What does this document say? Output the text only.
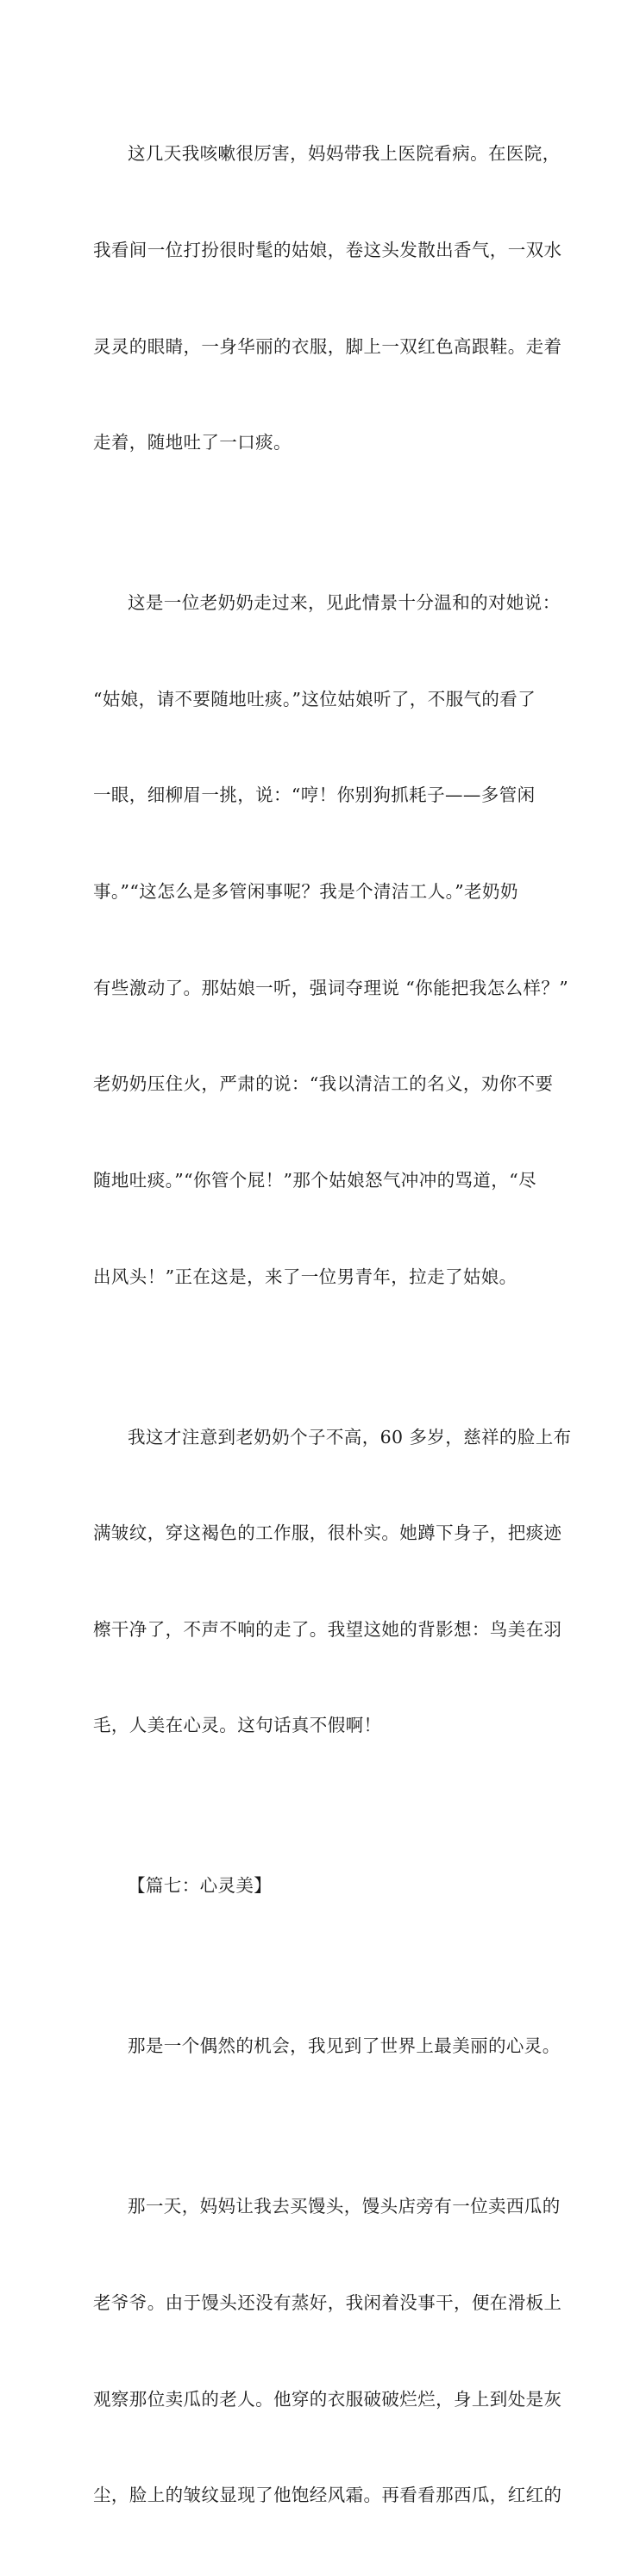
这几天我咳嗽很厉害，妈妈带我上医院看病。在医院，

我看间一位打扮很时髦的姑娘，卷这头发散出香气，一双水

灵灵的眼睛，一身华丽的衣服，脚上一双红色高跟鞋。走着

走着，随地吐了一口痰。

这是一位老奶奶走过来，见此情景十分温和的对她说：

“姑娘，请不要随地吐痰。”这位姑娘听了，不服气的看了

一眼，细柳眉一挑，说：“哼！你别狗抓耗子——多管闲

事。”“这怎么是多管闲事呢？我是个清洁工人。”老奶奶

有些激动了。那姑娘一听，强词夺理说 “你能把我怎么样？”

老奶奶压住火，严肃的说：“我以清洁工的名义，劝你不要

随地吐痰。”“你管个屁！”那个姑娘怒气冲冲的骂道，“尽

出风头！”正在这是，来了一位男青年，拉走了姑娘。

我这才注意到老奶奶个子不高，60 多岁，慈祥的脸上布

满皱纹，穿这褐色的工作服，很朴实。她蹲下身子，把痰迹

檫干净了，不声不响的走了。我望这她的背影想：鸟美在羽

毛，人美在心灵。这句话真不假啊！

【篇七：心灵美】

那是一个偶然的机会，我见到了世界上最美丽的心灵。

那一天，妈妈让我去买馒头，馒头店旁有一位卖西瓜的

老爷爷。由于馒头还没有蒸好，我闲着没事干，便在滑板上

观察那位卖瓜的老人。他穿的衣服破破烂烂，身上到处是灰

尘，脸上的皱纹显现了他饱经风霜。再看看那西瓜，红红的
